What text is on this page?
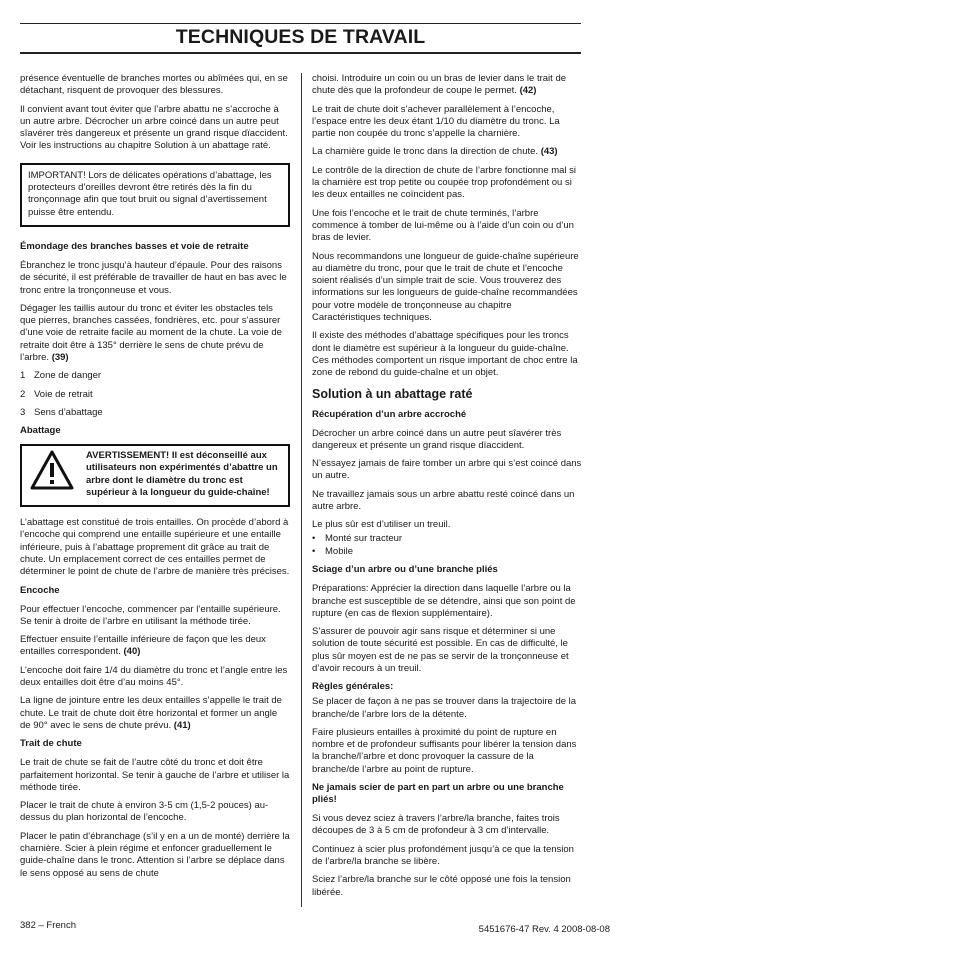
TECHNIQUES DE TRAVAIL

présence éventuelle de branches mortes ou abîmées qui, en se détachant, risquent de provoquer des blessures.

Il convient avant tout éviter que l’arbre abattu ne s’accroche à un autre arbre. Décrocher un arbre coincé dans un autre peut sîavérer très dangereux et présente un grand risque dïaccident. Voir les instructions au chapitre Solution à un abattage raté.

IMPORTANT! Lors de délicates opérations d’abattage, les protecteurs d’oreilles devront être retirés dès la fin du tronçonnage afin que tout bruit ou signal d’avertissement puisse être entendu.
Émondage des branches basses et voie de retraite

Ébranchez le tronc jusqu’à hauteur d’épaule. Pour des raisons de sécurité, il est préférable de travailler de haut en bas avec le tronc entre la tronçonneuse et vous.

Dégager les taillis autour du tronc et éviter les obstacles tels que pierres, branches cassées, fondrières, etc. pour s’assurer d’une voie de retraite facile au moment de la chute. La voie de retraite doit être à 135° derrière le sens de chute prévu de l’arbre. (39)

1 Zone de danger
2 Voie de retrait
3 Sens d’abattage
Abattage
AVERTISSEMENT! Il est déconseillé aux utilisateurs non expérimentés d’abattre un arbre dont le diamètre du tronc est supérieur à la longueur du guide-chaîne!

L’abattage est constitué de trois entailles. On procède d’abord à l’encoche qui comprend une entaille supérieure et une entaille inférieure, puis à l’abattage proprement dit grâce au trait de chute. Un emplacement correct de ces entailles permet de déterminer le point de chute de l’arbre de manière très précises.

Encoche

Pour effectuer l’encoche, commencer par l’entaille supérieure. Se tenir à droite de l’arbre en utilisant la méthode tirée.

Effectuer ensuite l’entaille inférieure de façon que les deux entailles correspondent. (40)

L’encoche doit faire 1/4 du diamètre du tronc et l’angle entre les deux entailles doit être d’au moins 45°.

La ligne de jointure entre les deux entailles s’appelle le trait de chute. Le trait de chute doit être horizontal et former un angle de 90° avec le sens de chute prévu. (41)

Trait de chute

Le trait de chute se fait de l’autre côté du tronc et doit être parfaitement horizontal. Se tenir à gauche de l’arbre et utiliser la méthode tirée.

Placer le trait de chute à environ 3-5 cm (1,5-2 pouces) au-dessus du plan horizontal de l’encoche.

Placer le patin d’ébranchage (s’il y en a un de monté) derrière la charnière. Scier à plein régime et enfoncer graduellement le guide-chaîne dans le tronc. Attention si l’arbre se déplace dans le sens opposé au sens de chute

choisi. Introduire un coin ou un bras de levier dans le trait de chute dès que la profondeur de coupe le permet. (42)

Le trait de chute doit s’achever parallèlement à l’encoche, l’espace entre les deux étant 1/10 du diamètre du tronc. La partie non coupée du tronc s’appelle la charnière.

La charnière guide le tronc dans la direction de chute. (43)

Le contrôle de la direction de chute de l’arbre fonctionne mal si la charnière est trop petite ou coupée trop profondément ou si les deux entailles ne coïncident pas.

Une fois l’encoche et le trait de chute terminés, l’arbre commence à tomber de lui-même ou à l’aide d’un coin ou d’un bras de levier.

Nous recommandons une longueur de guide-chaîne supérieure au diamètre du tronc, pour que le trait de chute et l’encoche soient réalisés d’un simple trait de scie. Vous trouverez des informations sur les longueurs de guide-chaîne recommandées pour votre modèle de tronçonneuse au chapitre Caractéristiques techniques.

Il existe des méthodes d’abattage spécifiques pour les troncs dont le diamètre est supérieur à la longueur du guide-chaîne. Ces méthodes comportent un risque important de choc entre la zone de rebond du guide-chaîne et un objet.

Solution à un abattage raté
Récupération d’un arbre accroché

Décrocher un arbre coincé dans un autre peut sîavérer très dangereux et présente un grand risque dïaccident.

N’essayez jamais de faire tomber un arbre qui s’est coincé dans un autre.

Ne travaillez jamais sous un arbre abattu resté coincé dans un autre arbre.

Le plus sûr est d’utiliser un treuil.

• Monté sur tracteur
• Mobile
Sciage d’un arbre ou d’une branche pliés

Préparations: Apprécier la direction dans laquelle l’arbre ou la branche est susceptible de se détendre, ainsi que son point de rupture (en cas de flexion supplémentaire).

S’assurer de pouvoir agir sans risque et déterminer si une solution de toute sécurité est possible. En cas de difficulté, le plus sûr moyen est de ne pas se servir de la tronçonneuse et d’avoir recours à un treuil.

Règles générales:

Se placer de façon à ne pas se trouver dans la trajectoire de la branche/de l’arbre lors de la détente.

Faire plusieurs entailles à proximité du point de rupture en nombre et de profondeur suffisants pour libérer la tension dans la branche/l’arbre et donc provoquer la cassure de la branche/de l’arbre au point de rupture.

Ne jamais scier de part en part un arbre ou une branche pliés!

Si vous devez sciez à travers l’arbre/la branche, faites trois découpes de 3 à 5 cm de profondeur à 3 cm d’intervalle.

Continuez à scier plus profondément jusqu’à ce que la tension de l’arbre/la branche se libère.

Sciez l’arbre/la branche sur le côté opposé une fois la tension libérée.

382 – French	5451676-47 Rev. 4 2008-08-08
